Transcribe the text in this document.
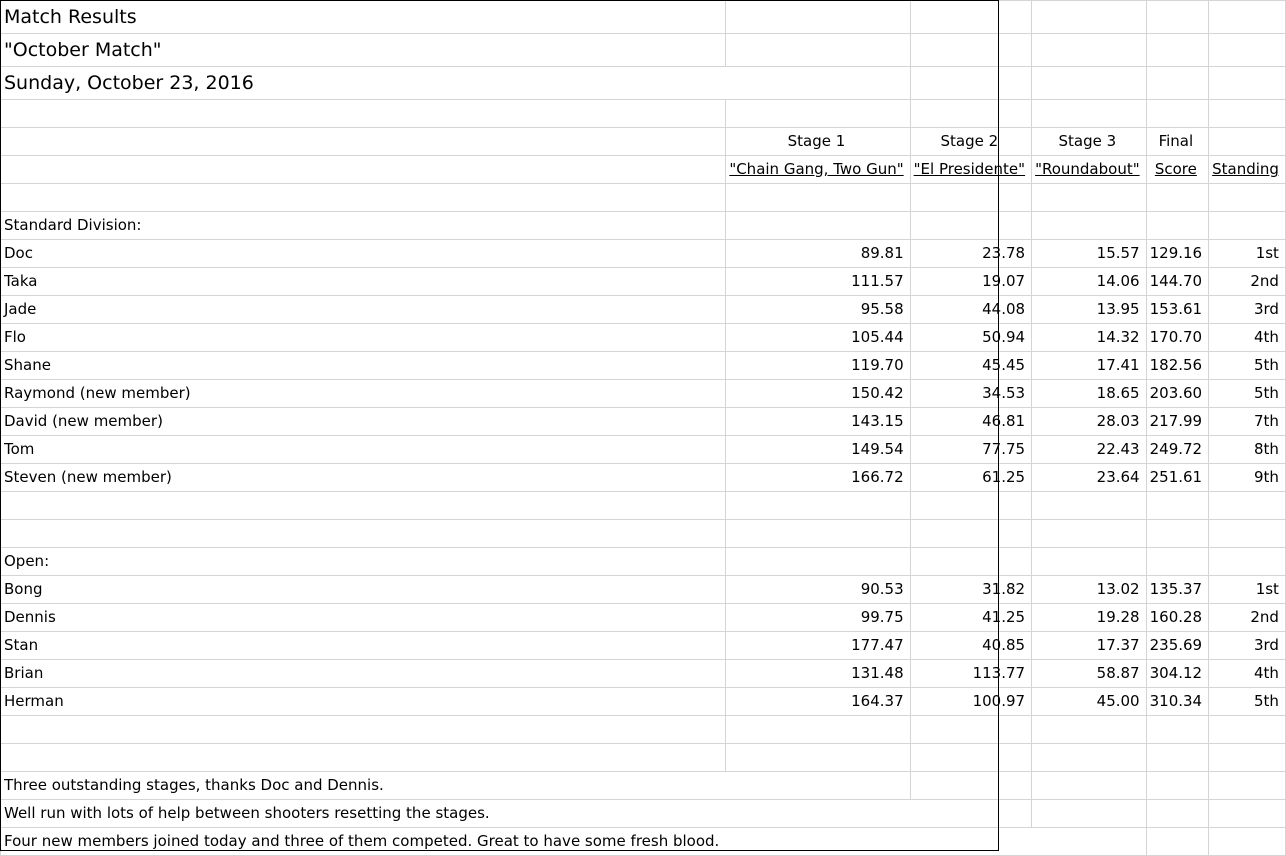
Match Results					
"October Match"					
Sunday, October 23, 2016					

	Stage 1	Stage 2	Stage 3	Final	
	"Chain Gang, Two Gun"	"El Presidente"	"Roundabout"	Score	Standing

Standard Division:					
Doc	89.81	23.78	15.57	129.16	1st
Taka	111.57	19.07	14.06	144.70	2nd
Jade	95.58	44.08	13.95	153.61	3rd
Flo	105.44	50.94	14.32	170.70	4th
Shane	119.70	45.45	17.41	182.56	5th
Raymond (new member)	150.42	34.53	18.65	203.60	5th
David (new member)	143.15	46.81	28.03	217.99	7th
Tom	149.54	77.75	22.43	249.72	8th
Steven (new member)	166.72	61.25	23.64	251.61	9th

Open:					
Bong	90.53	31.82	13.02	135.37	1st
Dennis	99.75	41.25	19.28	160.28	2nd
Stan	177.47	40.85	17.37	235.69	3rd
Brian	131.48	113.77	58.87	304.12	4th
Herman	164.37	100.97	45.00	310.34	5th

Three outstanding stages, thanks Doc and Dennis.					
Well run with lots of help between shooters resetting the stages.					
Four new members joined today and three of them competed. Great to have some fresh blood.					
